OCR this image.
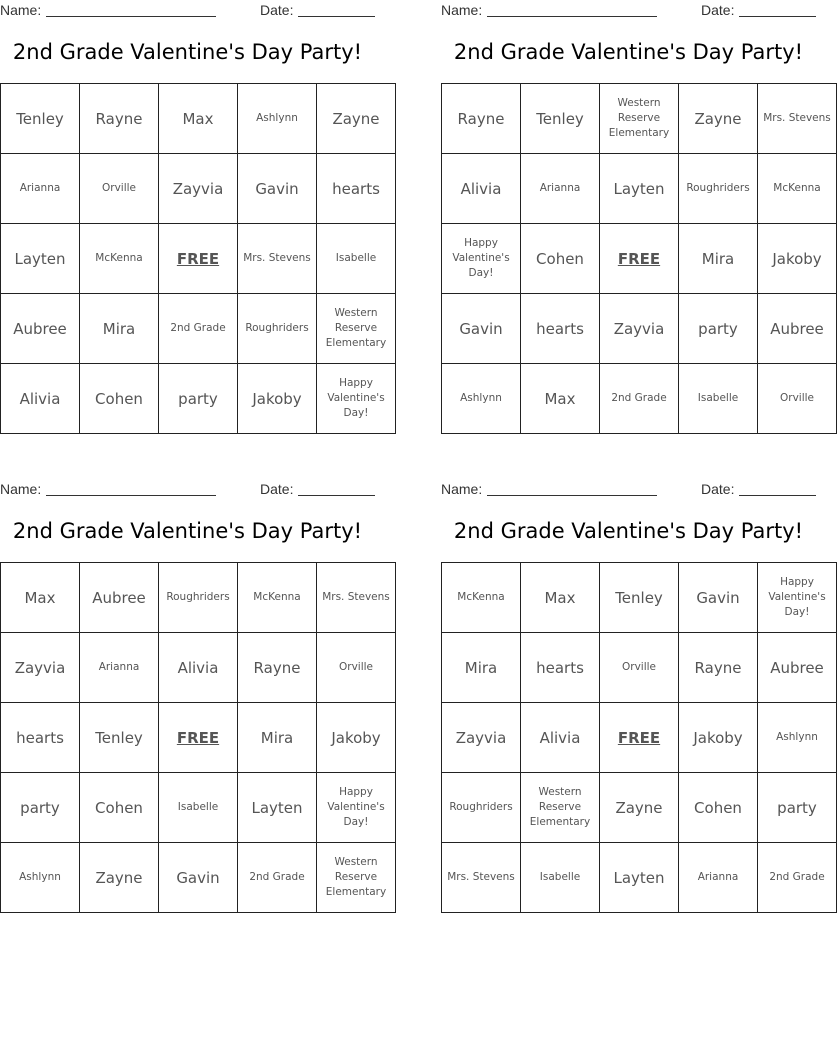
Name:	Date:
2nd Grade Valentine's Day Party!
Tenley	Rayne	Max	Ashlynn	Zayne
Arianna	Orville	Zayvia	Gavin	hearts
Layten	McKenna	FREE	Mrs. Stevens	Isabelle
Aubree	Mira	2nd Grade	Roughriders	Western Reserve Elementary
Alivia	Cohen	party	Jakoby	Happy Valentine's Day!
Name:	Date:
2nd Grade Valentine's Day Party!
Rayne	Tenley	Western Reserve Elementary	Zayne	Mrs. Stevens
Alivia	Arianna	Layten	Roughriders	McKenna
Happy Valentine's Day!	Cohen	FREE	Mira	Jakoby
Gavin	hearts	Zayvia	party	Aubree
Ashlynn	Max	2nd Grade	Isabelle	Orville
Name:	Date:
2nd Grade Valentine's Day Party!
Max	Aubree	Roughriders	McKenna	Mrs. Stevens
Zayvia	Arianna	Alivia	Rayne	Orville
hearts	Tenley	FREE	Mira	Jakoby
party	Cohen	Isabelle	Layten	Happy Valentine's Day!
Ashlynn	Zayne	Gavin	2nd Grade	Western Reserve Elementary
Name:	Date:
2nd Grade Valentine's Day Party!
McKenna	Max	Tenley	Gavin	Happy Valentine's Day!
Mira	hearts	Orville	Rayne	Aubree
Zayvia	Alivia	FREE	Jakoby	Ashlynn
Roughriders	Western Reserve Elementary	Zayne	Cohen	party
Mrs. Stevens	Isabelle	Layten	Arianna	2nd Grade
